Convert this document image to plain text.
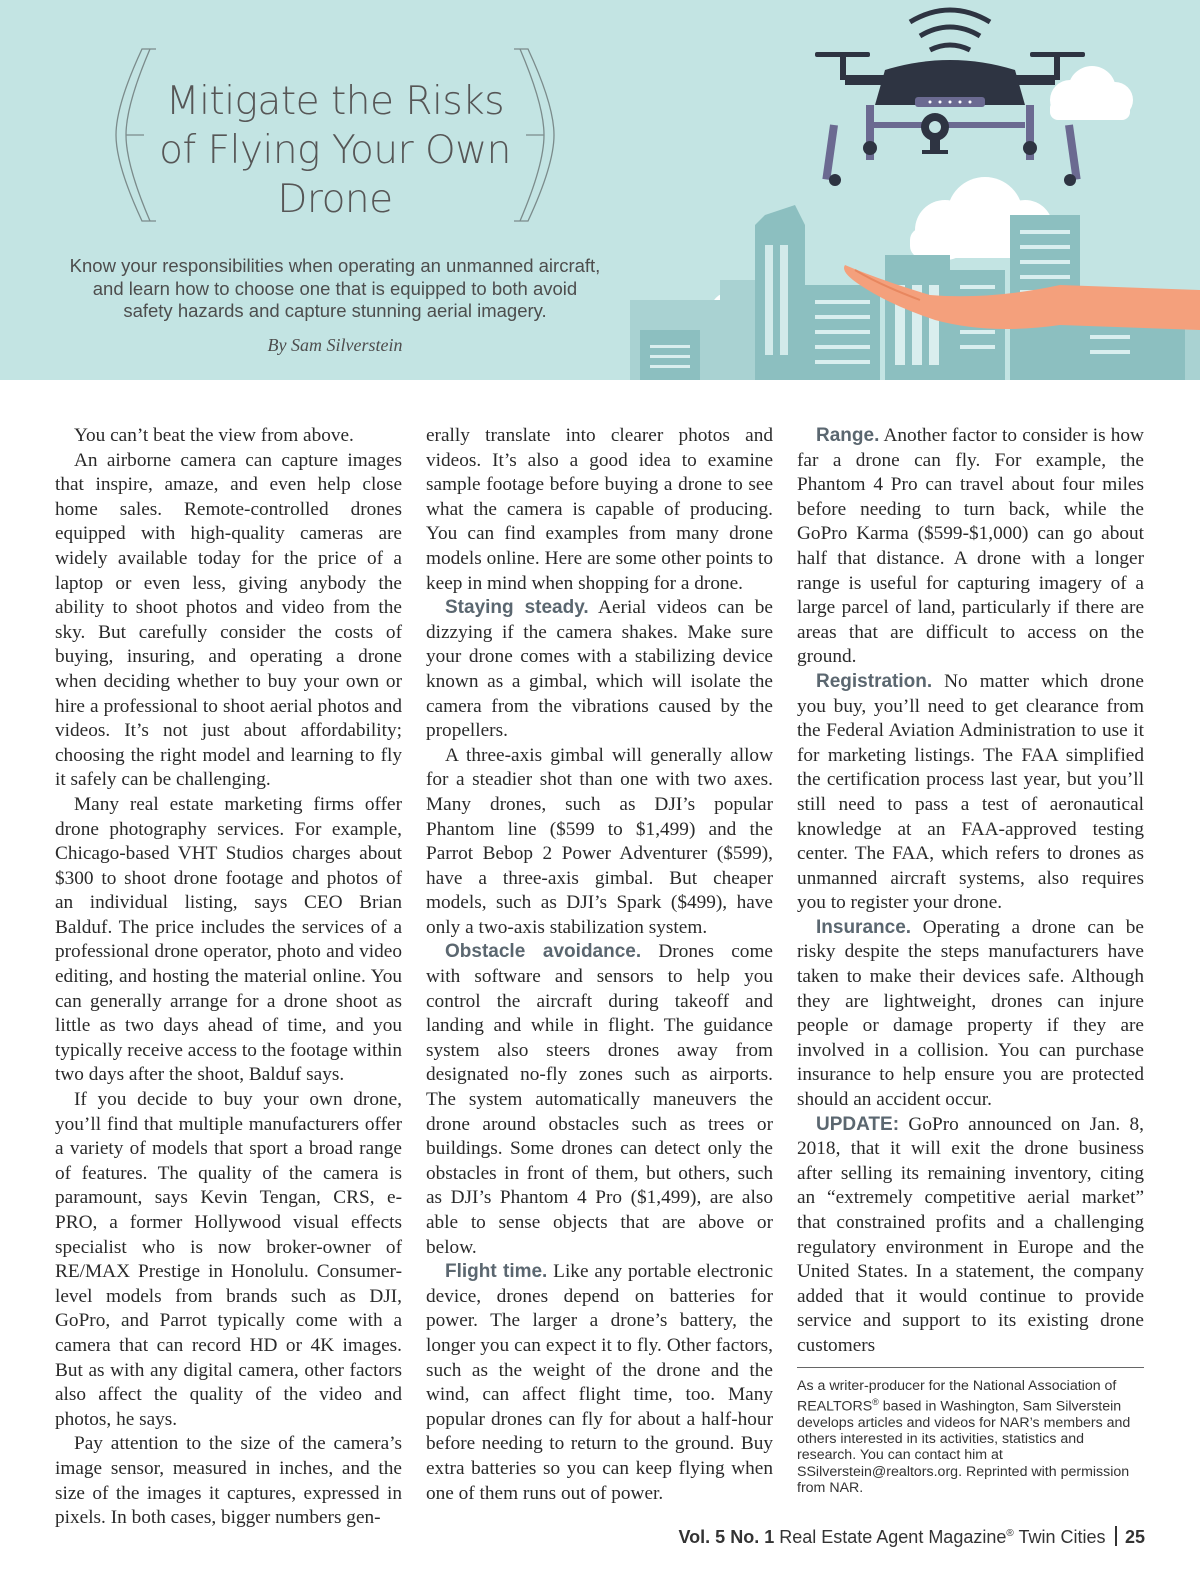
Mitigate the Risks
of Flying Your Own
Drone
Know your responsibilities when operating an unmanned aircraft,
and learn how to choose one that is equipped to both avoid
safety hazards and capture stunning aerial imagery.
By Sam Silverstein

You can’t beat the view from above.

An airborne camera can capture images that inspire, amaze, and even help close home sales. Remote-controlled drones equipped with high-quality cameras are widely available today for the price of a laptop or even less, giving anybody the ability to shoot photos and video from the sky. But carefully consider the costs of buying, insuring, and operating a drone when deciding whether to buy your own or hire a professional to shoot aerial photos and videos. It’s not just about affordability; choosing the right model and learning to fly it safely can be challenging.

Many real estate marketing firms offer drone photography services. For example, Chicago-based VHT Studios charges about $300 to shoot drone footage and photos of an individual listing, says CEO Brian Balduf. The price includes the services of a professional drone operator, photo and video editing, and hosting the material online. You can generally arrange for a drone shoot as little as two days ahead of time, and you typically receive access to the footage within two days after the shoot, Balduf says.

If you decide to buy your own drone, you’ll find that multiple manufacturers offer a variety of models that sport a broad range of features. The quality of the camera is paramount, says Kevin Tengan, CRS, e-PRO, a former Hollywood visual effects specialist who is now broker-owner of RE/MAX Prestige in Honolulu. Consumer-level models from brands such as DJI, GoPro, and Parrot typically come with a camera that can record HD or 4K images. But as with any digital camera, other factors also affect the quality of the video and photos, he says.

Pay attention to the size of the camera’s image sensor, measured in inches, and the size of the images it captures, expressed in pixels. In both cases, bigger numbers gen-

erally translate into clearer photos and videos. It’s also a good idea to examine sample footage before buying a drone to see what the camera is capable of producing. You can find examples from many drone models online. Here are some other points to keep in mind when shopping for a drone.

Staying steady. Aerial videos can be dizzying if the camera shakes. Make sure your drone comes with a stabilizing device known as a gimbal, which will isolate the camera from the vibrations caused by the propellers.

A three-axis gimbal will generally allow for a steadier shot than one with two axes. Many drones, such as DJI’s popular Phantom line ($599 to $1,499) and the Parrot Bebop 2 Power Adventurer ($599), have a three-axis gimbal. But cheaper models, such as DJI’s Spark ($499), have only a two-axis stabilization system.

Obstacle avoidance. Drones come with software and sensors to help you control the aircraft during takeoff and landing and while in flight. The guidance system also steers drones away from designated no-fly zones such as airports. The system automatically maneuvers the drone around obstacles such as trees or buildings. Some drones can detect only the obstacles in front of them, but others, such as DJI’s Phantom 4 Pro ($1,499), are also able to sense objects that are above or below.

Flight time. Like any portable electronic device, drones depend on batteries for power. The larger a drone’s battery, the longer you can expect it to fly. Other factors, such as the weight of the drone and the wind, can affect flight time, too. Many popular drones can fly for about a half-hour before needing to return to the ground. Buy extra batteries so you can keep flying when one of them runs out of power.

Range. Another factor to consider is how far a drone can fly. For example, the Phantom 4 Pro can travel about four miles before needing to turn back, while the GoPro Karma ($599-$1,000) can go about half that distance. A drone with a longer range is useful for capturing imagery of a large parcel of land, particularly if there are areas that are difficult to access on the ground.

Registration. No matter which drone you buy, you’ll need to get clearance from the Federal Aviation Administration to use it for marketing listings. The FAA simplified the certification process last year, but you’ll still need to pass a test of aeronautical knowledge at an FAA-approved testing center. The FAA, which refers to drones as unmanned aircraft systems, also requires you to register your drone.

Insurance. Operating a drone can be risky despite the steps manufacturers have taken to make their devices safe. Although they are lightweight, drones can injure people or damage property if they are involved in a collision. You can purchase insurance to help ensure you are protected should an accident occur.

UPDATE: GoPro announced on Jan. 8, 2018, that it will exit the drone business after selling its remaining inventory, citing an “extremely competitive aerial market” that constrained profits and a challenging regulatory environment in Europe and the United States. In a statement, the company added that it would continue to provide service and support to its existing drone customers

As a writer-producer for the National Association of REALTORS® based in Washington, Sam Silverstein develops articles and videos for NAR’s members and others interested in its activities, statistics and research. You can contact him at SSilverstein@realtors.org. Reprinted with permission from NAR.
Vol. 5 No. 1 Real Estate Agent Magazine® Twin Cities 25
